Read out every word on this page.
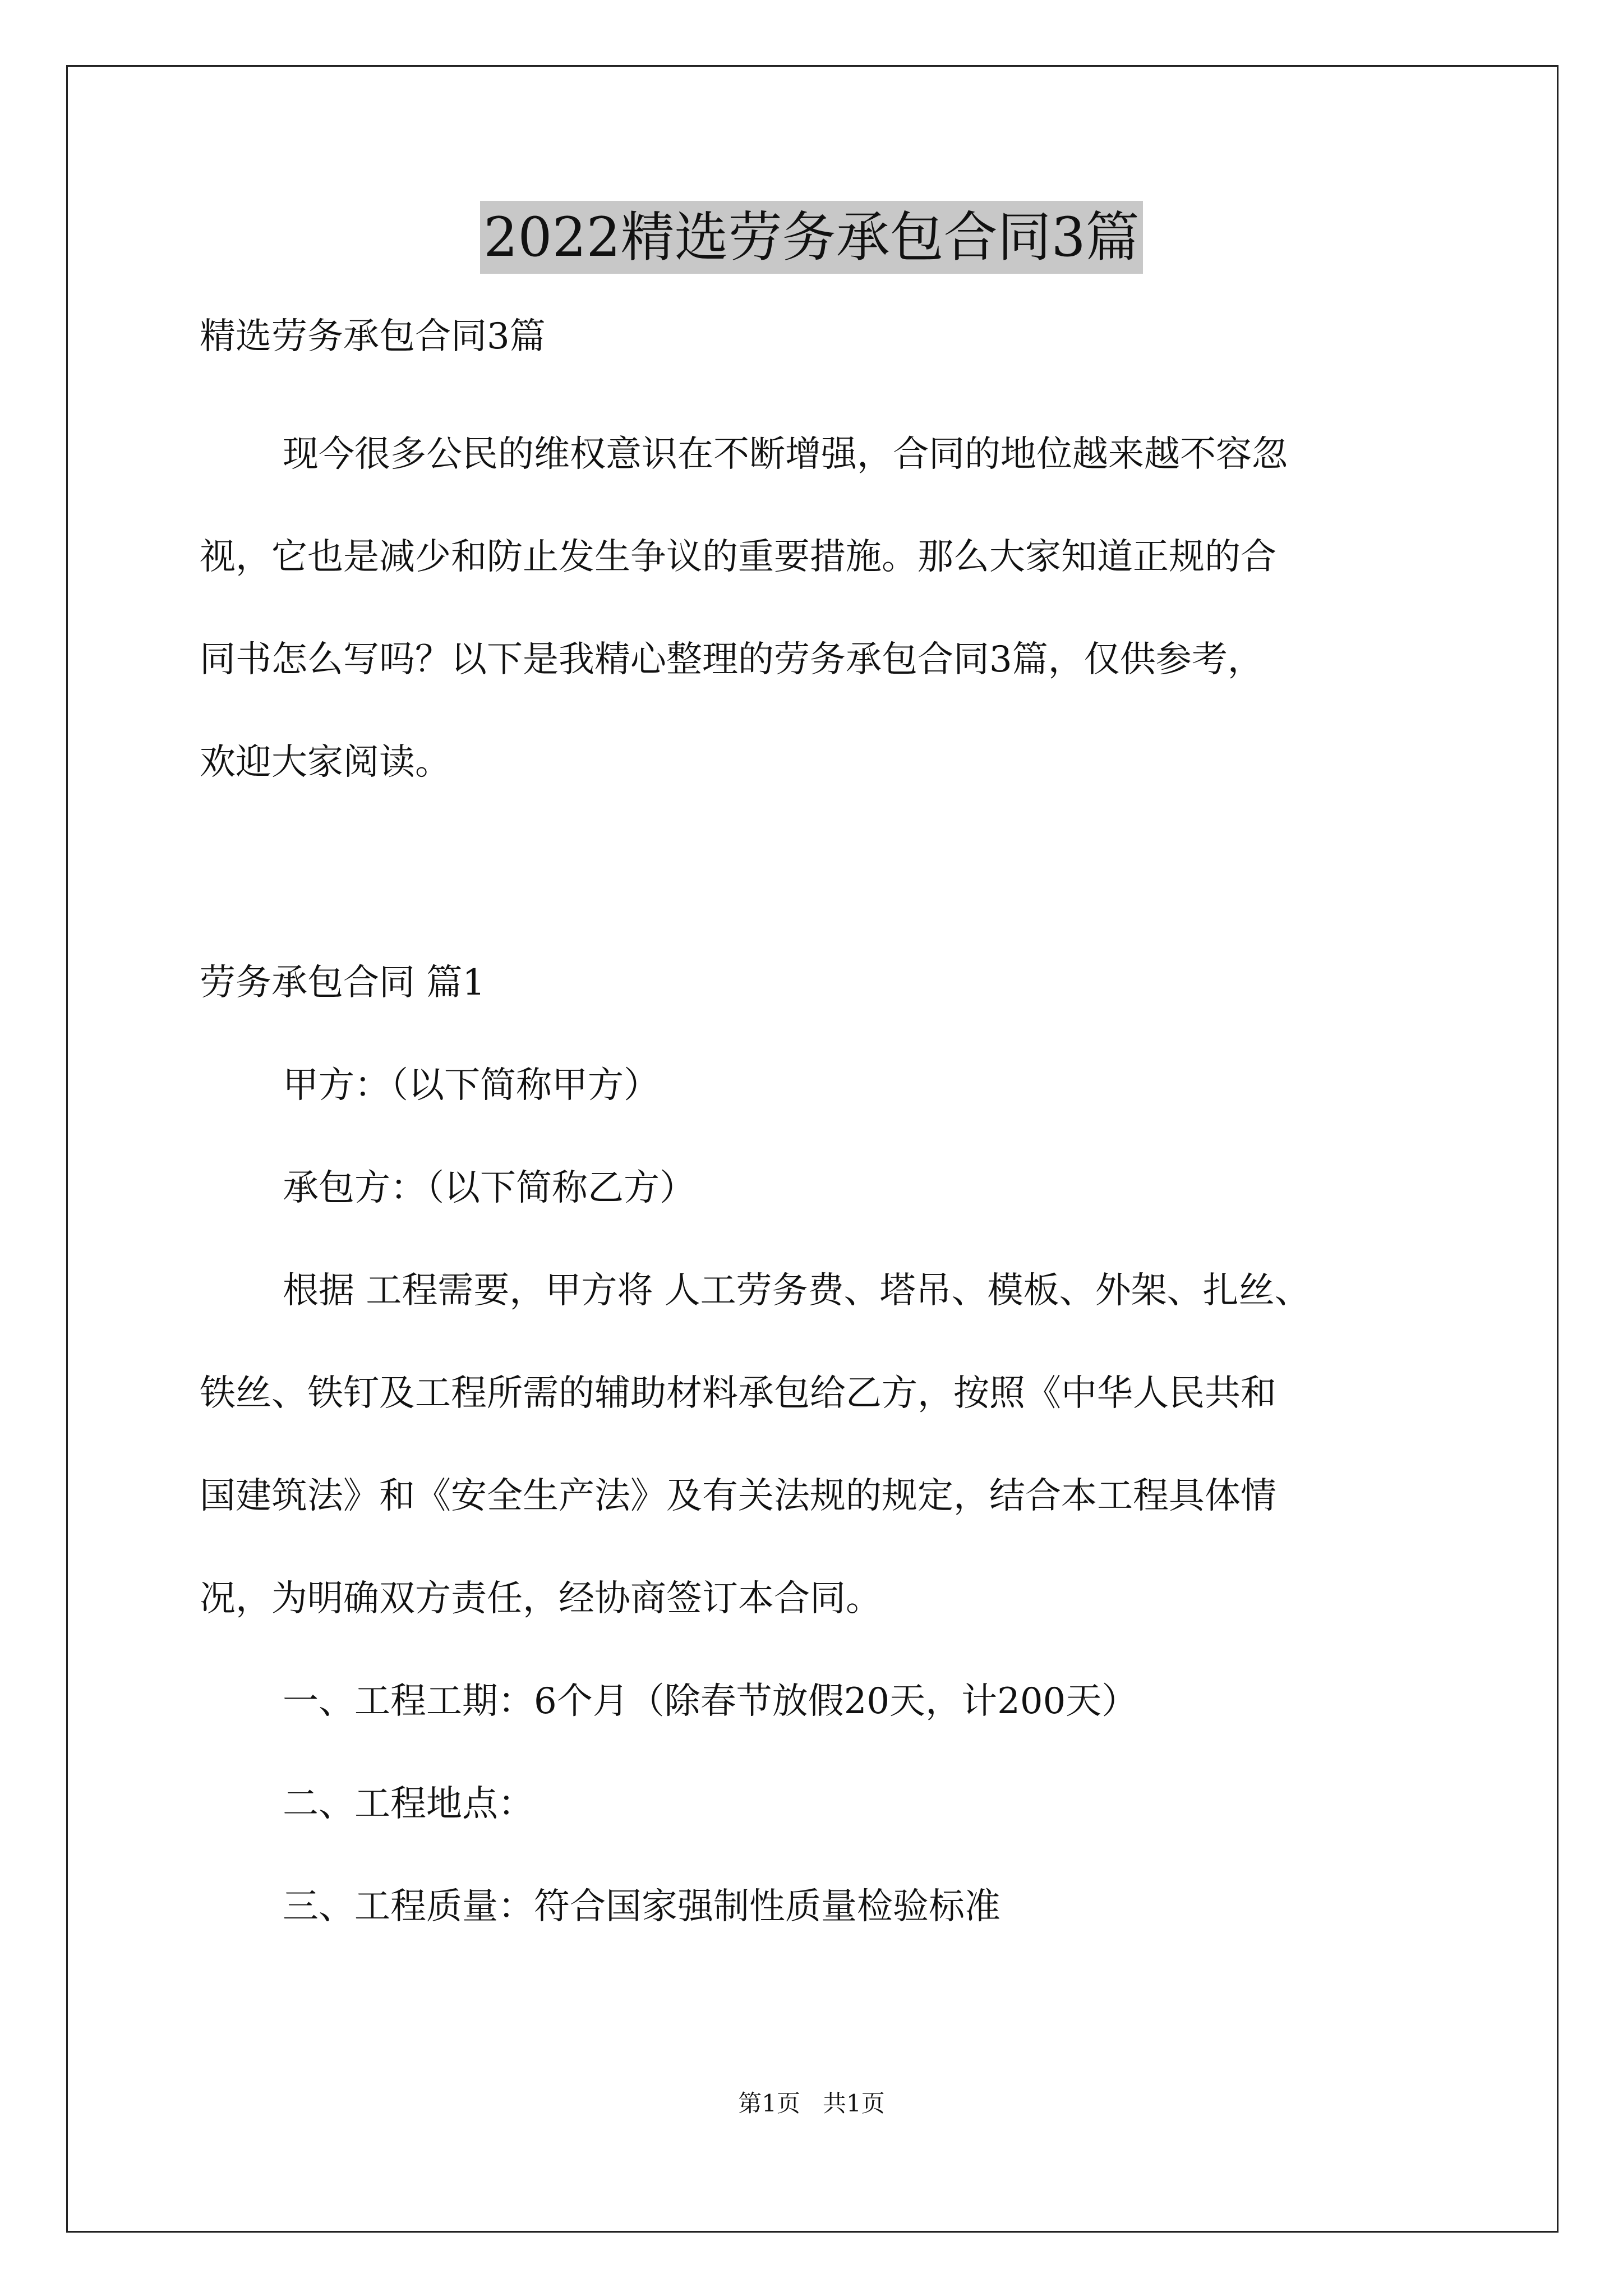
2022精选劳务承包合同3篇
精选劳务承包合同3篇
现今很多公民的维权意识在不断增强，合同的地位越来越不容忽
视，它也是减少和防止发生争议的重要措施。那么大家知道正规的合
同书怎么写吗？以下是我精心整理的劳务承包合同3篇，仅供参考，
欢迎大家阅读。
劳务承包合同 篇1
甲方：（以下简称甲方）
承包方：（以下简称乙方）
根据 工程需要，甲方将 人工劳务费、塔吊、模板、外架、扎丝、
铁丝、铁钉及工程所需的辅助材料承包给乙方，按照《中华人民共和
国建筑法》和《安全生产法》及有关法规的规定，结合本工程具体情
况，为明确双方责任，经协商签订本合同。
一、工程工期：6个月（除春节放假20天，计200天）
二、工程地点：
三、工程质量：符合国家强制性质量检验标准
第1页 共1页
